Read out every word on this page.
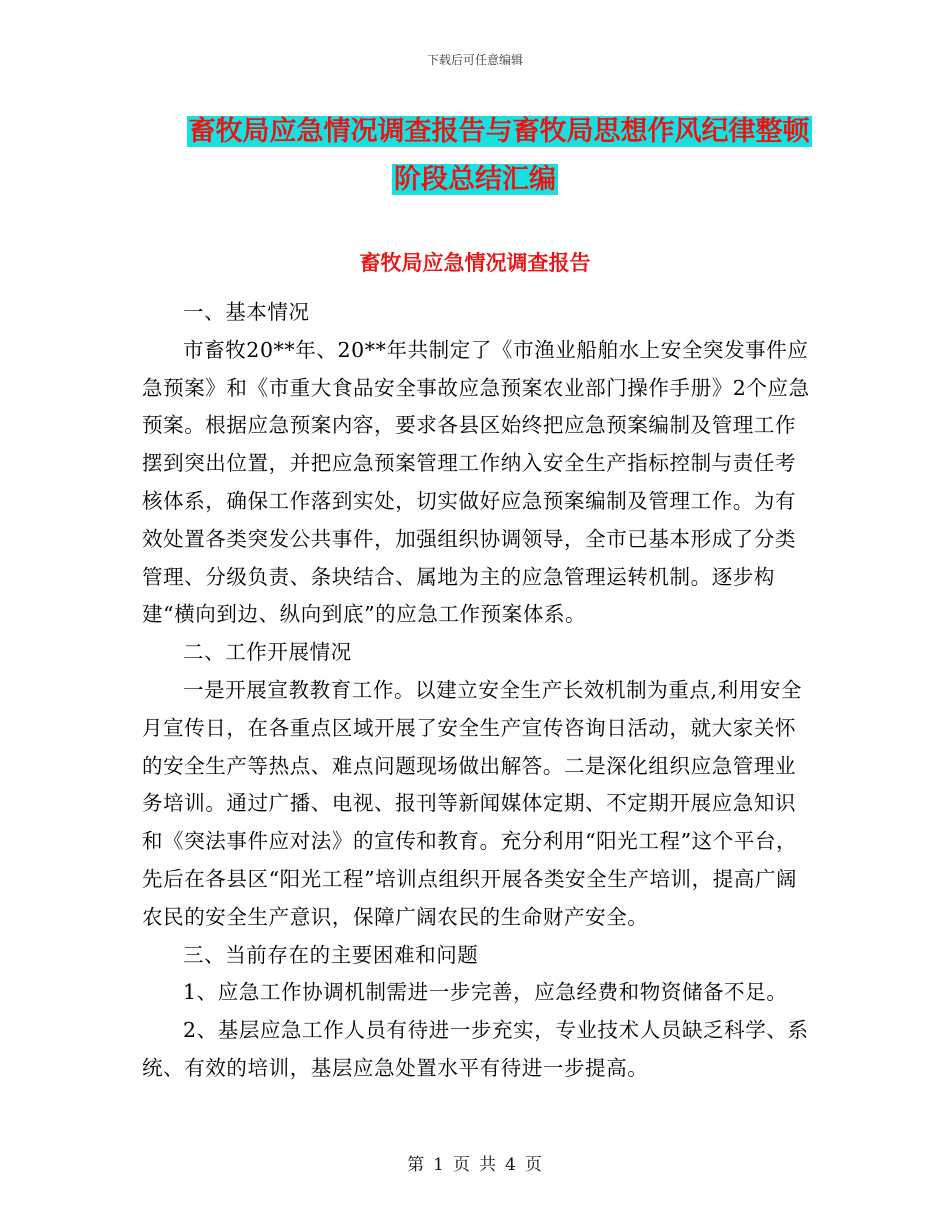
下载后可任意编辑
畜牧局应急情况调查报告与畜牧局思想作风纪律整顿
阶段总结汇编
畜牧局应急情况调查报告

一、基本情况

市畜牧20**年、20**年共制定了《市渔业船舶水上安全突发事件应急预案》和《市重大食品安全事故应急预案农业部门操作手册》2个应急预案。根据应急预案内容，要求各县区始终把应急预案编制及管理工作摆到突出位置，并把应急预案管理工作纳入安全生产指标控制与责任考核体系，确保工作落到实处，切实做好应急预案编制及管理工作。为有效处置各类突发公共事件，加强组织协调领导，全市已基本形成了分类管理、分级负责、条块结合、属地为主的应急管理运转机制。逐步构建“横向到边、纵向到底”的应急工作预案体系。

二、工作开展情况

一是开展宣教教育工作。以建立安全生产长效机制为重点,利用安全月宣传日，在各重点区域开展了安全生产宣传咨询日活动，就大家关怀的安全生产等热点、难点问题现场做出解答。二是深化组织应急管理业务培训。通过广播、电视、报刊等新闻媒体定期、不定期开展应急知识和《突法事件应对法》的宣传和教育。充分利用“阳光工程”这个平台，先后在各县区“阳光工程”培训点组织开展各类安全生产培训，提高广阔农民的安全生产意识，保障广阔农民的生命财产安全。

三、当前存在的主要困难和问题

1、应急工作协调机制需进一步完善，应急经费和物资储备不足。

2、基层应急工作人员有待进一步充实，专业技术人员缺乏科学、系统、有效的培训，基层应急处置水平有待进一步提高。

第 1 页 共 4 页
